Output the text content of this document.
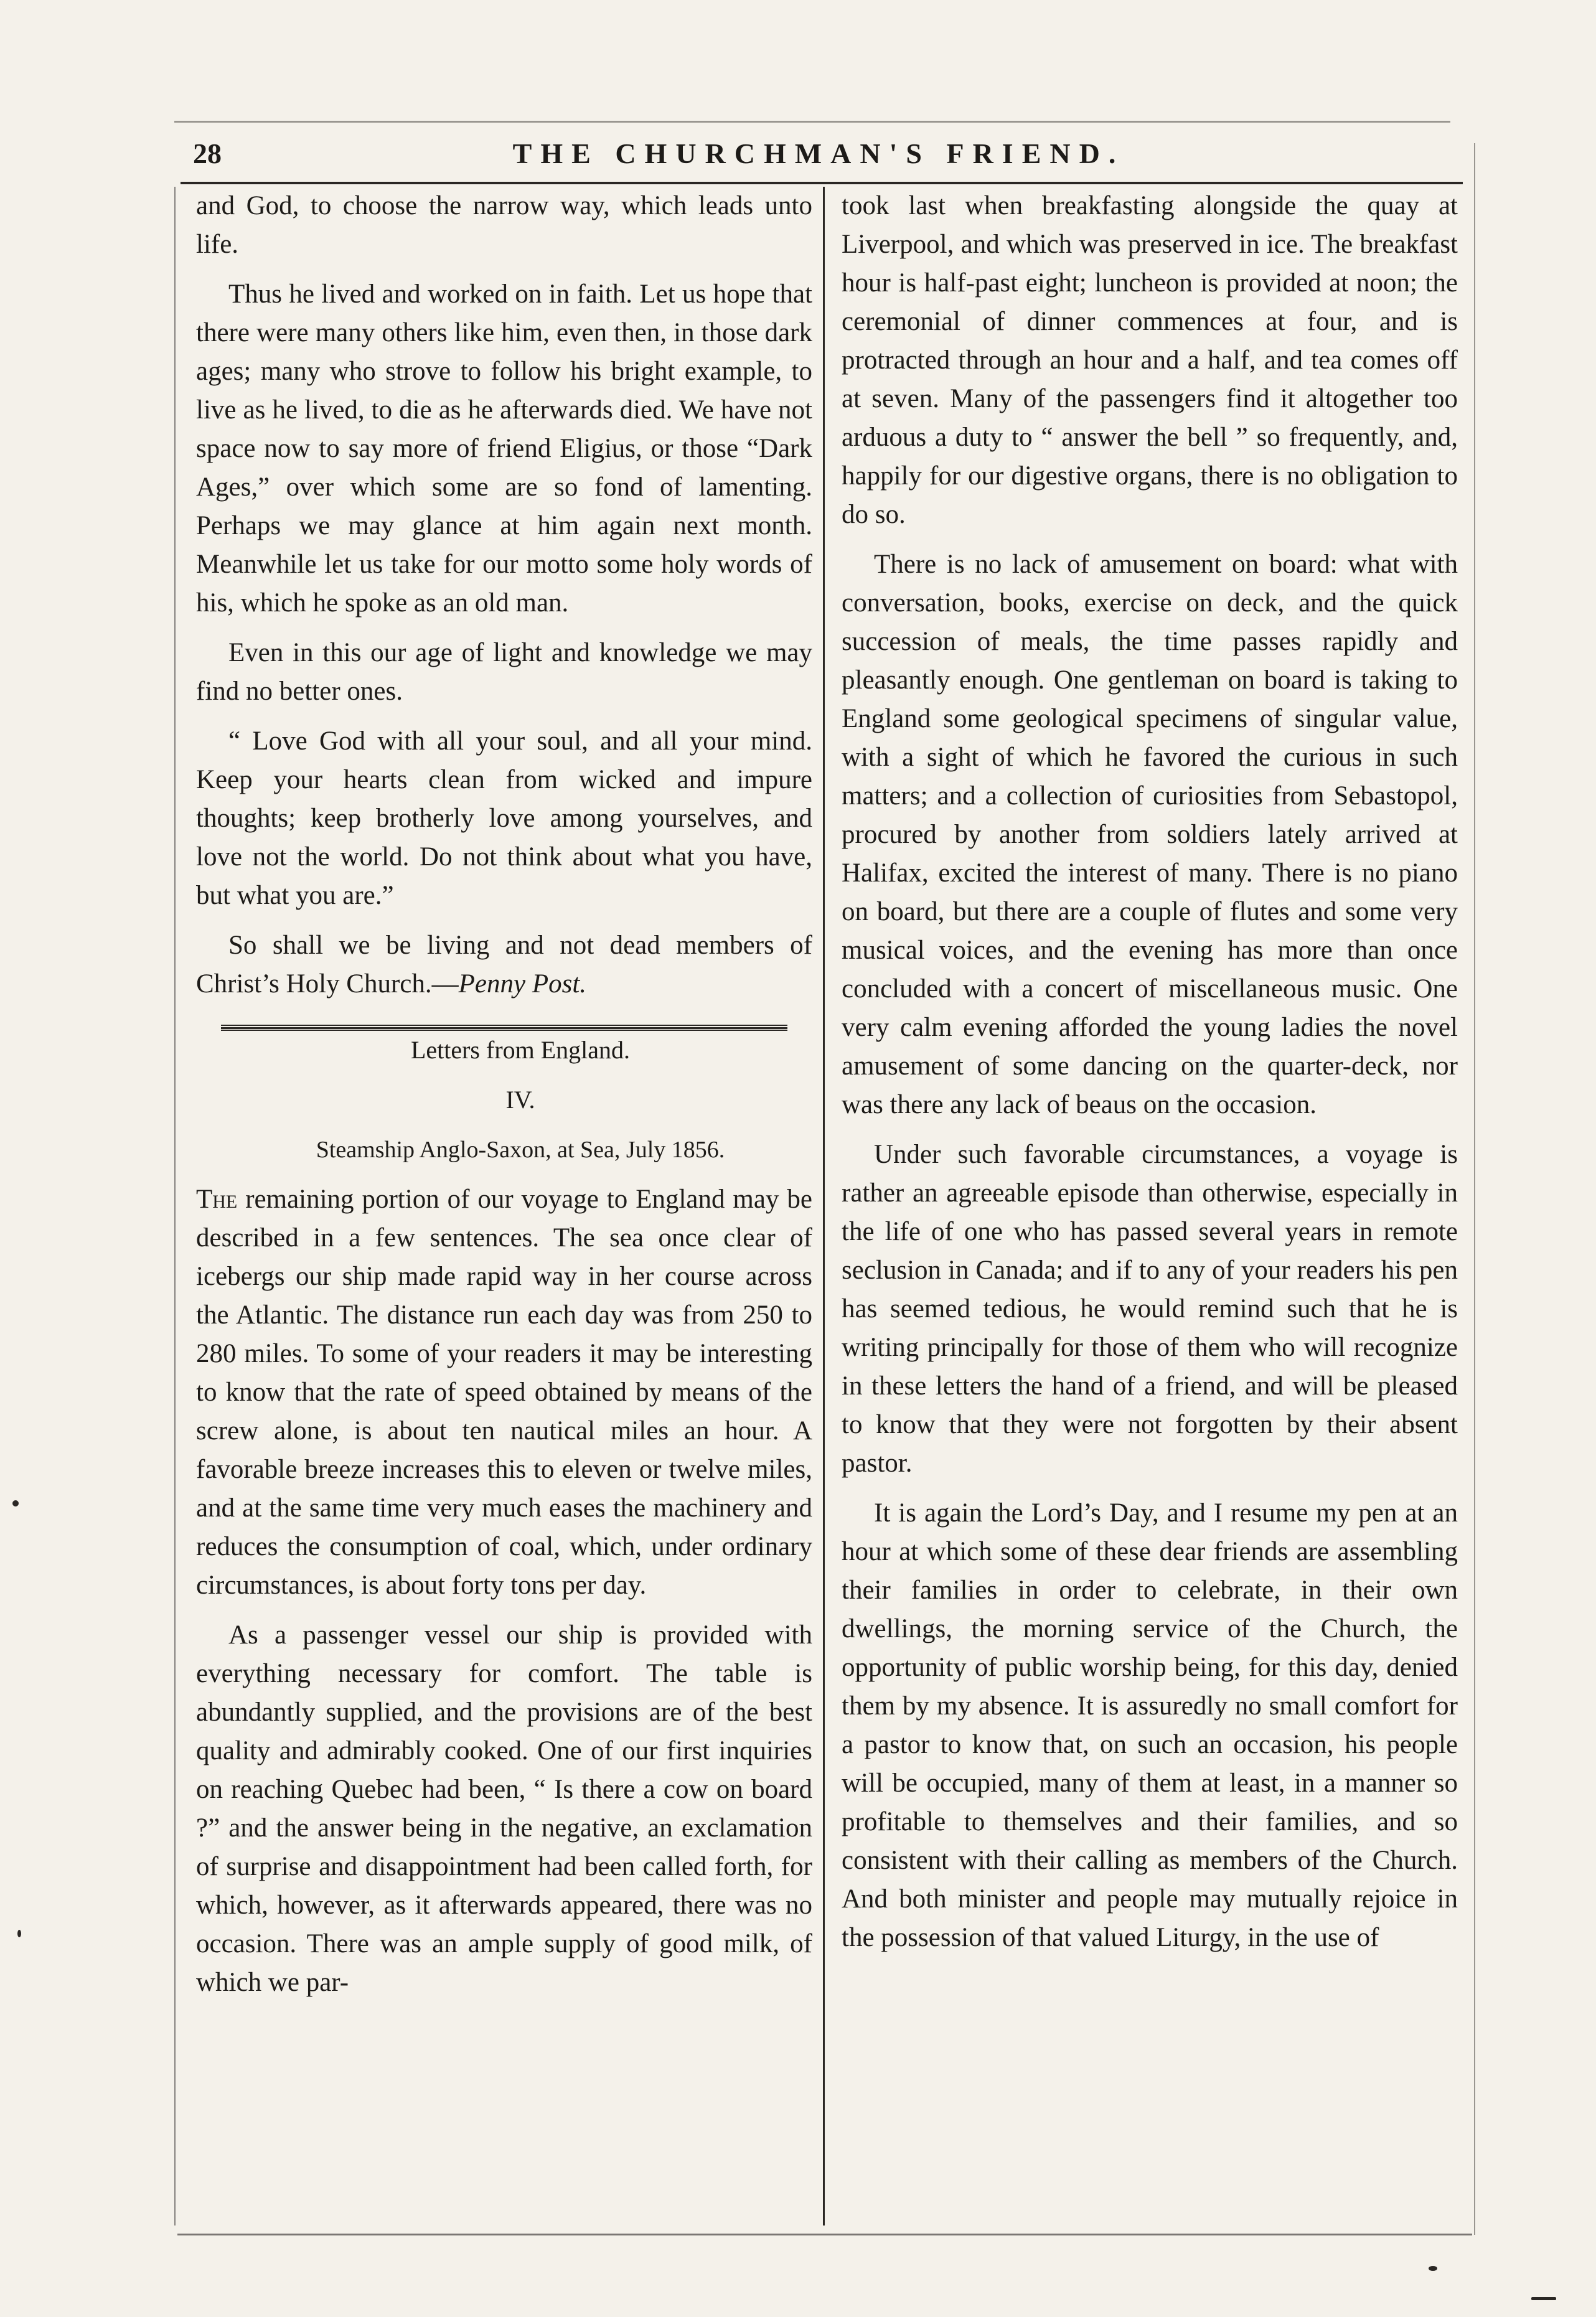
28	THE CHURCHMAN'S FRIEND.

and God, to choose the narrow way, which leads unto life.

Thus he lived and worked on in faith. Let us hope that there were many others like him, even then, in those dark ages; many who strove to follow his bright example, to live as he lived, to die as he afterwards died. We have not space now to say more of friend Eligius, or those “Dark Ages,” over which some are so fond of lamenting. Perhaps we may glance at him again next month. Meanwhile let us take for our motto some holy words of his, which he spoke as an old man.

Even in this our age of light and knowledge we may find no better ones.

“ Love God with all your soul, and all your mind. Keep your hearts clean from wicked and impure thoughts; keep brotherly love among yourselves, and love not the world. Do not think about what you have, but what you are.”

So shall we be living and not dead members of Christ’s Holy Church.—Penny Post.

Letters from England.

IV.

Steamship Anglo-Saxon, at Sea, July 1856.

The remaining portion of our voyage to England may be described in a few sentences. The sea once clear of icebergs our ship made rapid way in her course across the Atlantic. The distance run each day was from 250 to 280 miles. To some of your readers it may be interesting to know that the rate of speed obtained by means of the screw alone, is about ten nautical miles an hour. A favorable breeze increases this to eleven or twelve miles, and at the same time very much eases the machinery and reduces the consumption of coal, which, under ordinary circumstances, is about forty tons per day.

As a passenger vessel our ship is provided with everything necessary for comfort. The table is abundantly supplied, and the provisions are of the best quality and admirably cooked. One of our first inquiries on reaching Quebec had been, “ Is there a cow on board ?” and the answer being in the negative, an exclamation of surprise and disappointment had been called forth, for which, however, as it afterwards appeared, there was no occasion. There was an ample supply of good milk, of which we par-

took last when breakfasting alongside the quay at Liverpool, and which was preserved in ice. The breakfast hour is half-past eight; luncheon is provided at noon; the ceremonial of dinner commences at four, and is protracted through an hour and a half, and tea comes off at seven. Many of the passengers find it altogether too arduous a duty to “ answer the bell ” so frequently, and, happily for our digestive organs, there is no obligation to do so.

There is no lack of amusement on board: what with conversation, books, exercise on deck, and the quick succession of meals, the time passes rapidly and pleasantly enough. One gentleman on board is taking to England some geological specimens of singular value, with a sight of which he favored the curious in such matters; and a collection of curiosities from Sebastopol, procured by another from soldiers lately arrived at Halifax, excited the interest of many. There is no piano on board, but there are a couple of flutes and some very musical voices, and the evening has more than once concluded with a concert of miscellaneous music. One very calm evening afforded the young ladies the novel amusement of some dancing on the quarter-deck, nor was there any lack of beaus on the occasion.

Under such favorable circumstances, a voyage is rather an agreeable episode than otherwise, especially in the life of one who has passed several years in remote seclusion in Canada; and if to any of your readers his pen has seemed tedious, he would remind such that he is writing principally for those of them who will recognize in these letters the hand of a friend, and will be pleased to know that they were not forgotten by their absent pastor.

It is again the Lord’s Day, and I resume my pen at an hour at which some of these dear friends are assembling their families in order to celebrate, in their own dwellings, the morning service of the Church, the opportunity of public worship being, for this day, denied them by my absence. It is assuredly no small comfort for a pastor to know that, on such an occasion, his people will be occupied, many of them at least, in a manner so profitable to themselves and their families, and so consistent with their calling as members of the Church. And both minister and people may mutually rejoice in the possession of that valued Liturgy, in the use of
